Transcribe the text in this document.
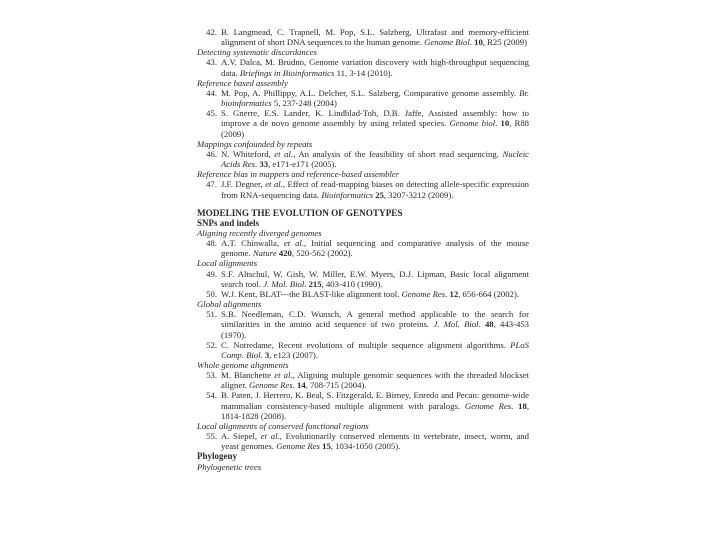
42. B. Langmead, C. Trapnell, M. Pop, S.L. Salzberg, Ultrafast and memory-efficient alignment of short DNA sequences to the human genome. Genome Biol. 10, R25 (2009)
Detecting systematic discordances
43. A.V. Dalca, M. Brudno, Genome variation discovery with high-throughput sequencing data. Briefings in Bioinformatics 11, 3-14 (2010).
Reference based assembly
44. M. Pop, A. Phillippy, A.L. Delcher, S.L. Salzberg, Comparative genome assembly. Br. bioinformatics 5, 237-248 (2004)
45. S. Gnerre, E.S. Lander, K. Lindblad-Toh, D.B. Jaffe, Assisted assembly: how to improve a de novo genome assembly by using related species. Genome biol. 10, R88 (2009)
Mappings confounded by repeats
46. N. Whiteford, et al., An analysis of the feasibility of short read sequencing. Nucleic Acids Res. 33, e171-e171 (2005).
Reference bias in mappers and reference-based assembler
47. J.F. Degner, et al., Effect of read-mapping biases on detecting allele-specific expression from RNA-sequencing data. Bioinformatics 25, 3207-3212 (2009).
MODELING THE EVOLUTION OF GENOTYPES
SNPs and indels
Aligning recently diverged genomes
48. A.T. Chinwalla, et al., Initial sequencing and comparative analysis of the mouse genome. Nature 420, 520-562 (2002).
Local alignments
49. S.F. Altschul, W. Gish, W. Miller, E.W. Myers, D.J. Lipman, Basic local alignment search tool. J. Mol. Biol. 215, 403-410 (1990).
50. W.J. Kent, BLAT---the BLAST-like alignment tool. Genome Res. 12, 656-664 (2002).
Global alignments
51. S.B. Needleman, C.D. Wunsch, A general method applicable to the search for similarities in the amino acid sequence of two proteins. J. Mol. Biol. 48, 443-453 (1970).
52. C. Notredame, Recent evolutions of multiple sequence alignment algorithms. PLoS Comp. Biol. 3, e123 (2007).
Whole genome alignments
53. M. Blanchette et al., Aligning multiple genomic sequences with the threaded blockset aligner. Genome Res. 14, 708-715 (2004).
54. B. Paten, J. Herrero, K. Beal, S. Fitzgerald, E. Birney, Enredo and Pecan: genome-wide mammalian consistency-based multiple alignment with paralogs. Genome Res. 18, 1814-1828 (2008).
Local alignments of conserved functional regions
55. A. Siepel, et al., Evolutionarily conserved elements in vertebrate, insect, worm, and yeast genomes. Genome Res 15, 1034-1050 (2005).
Phylogeny
Phylogenetic trees
